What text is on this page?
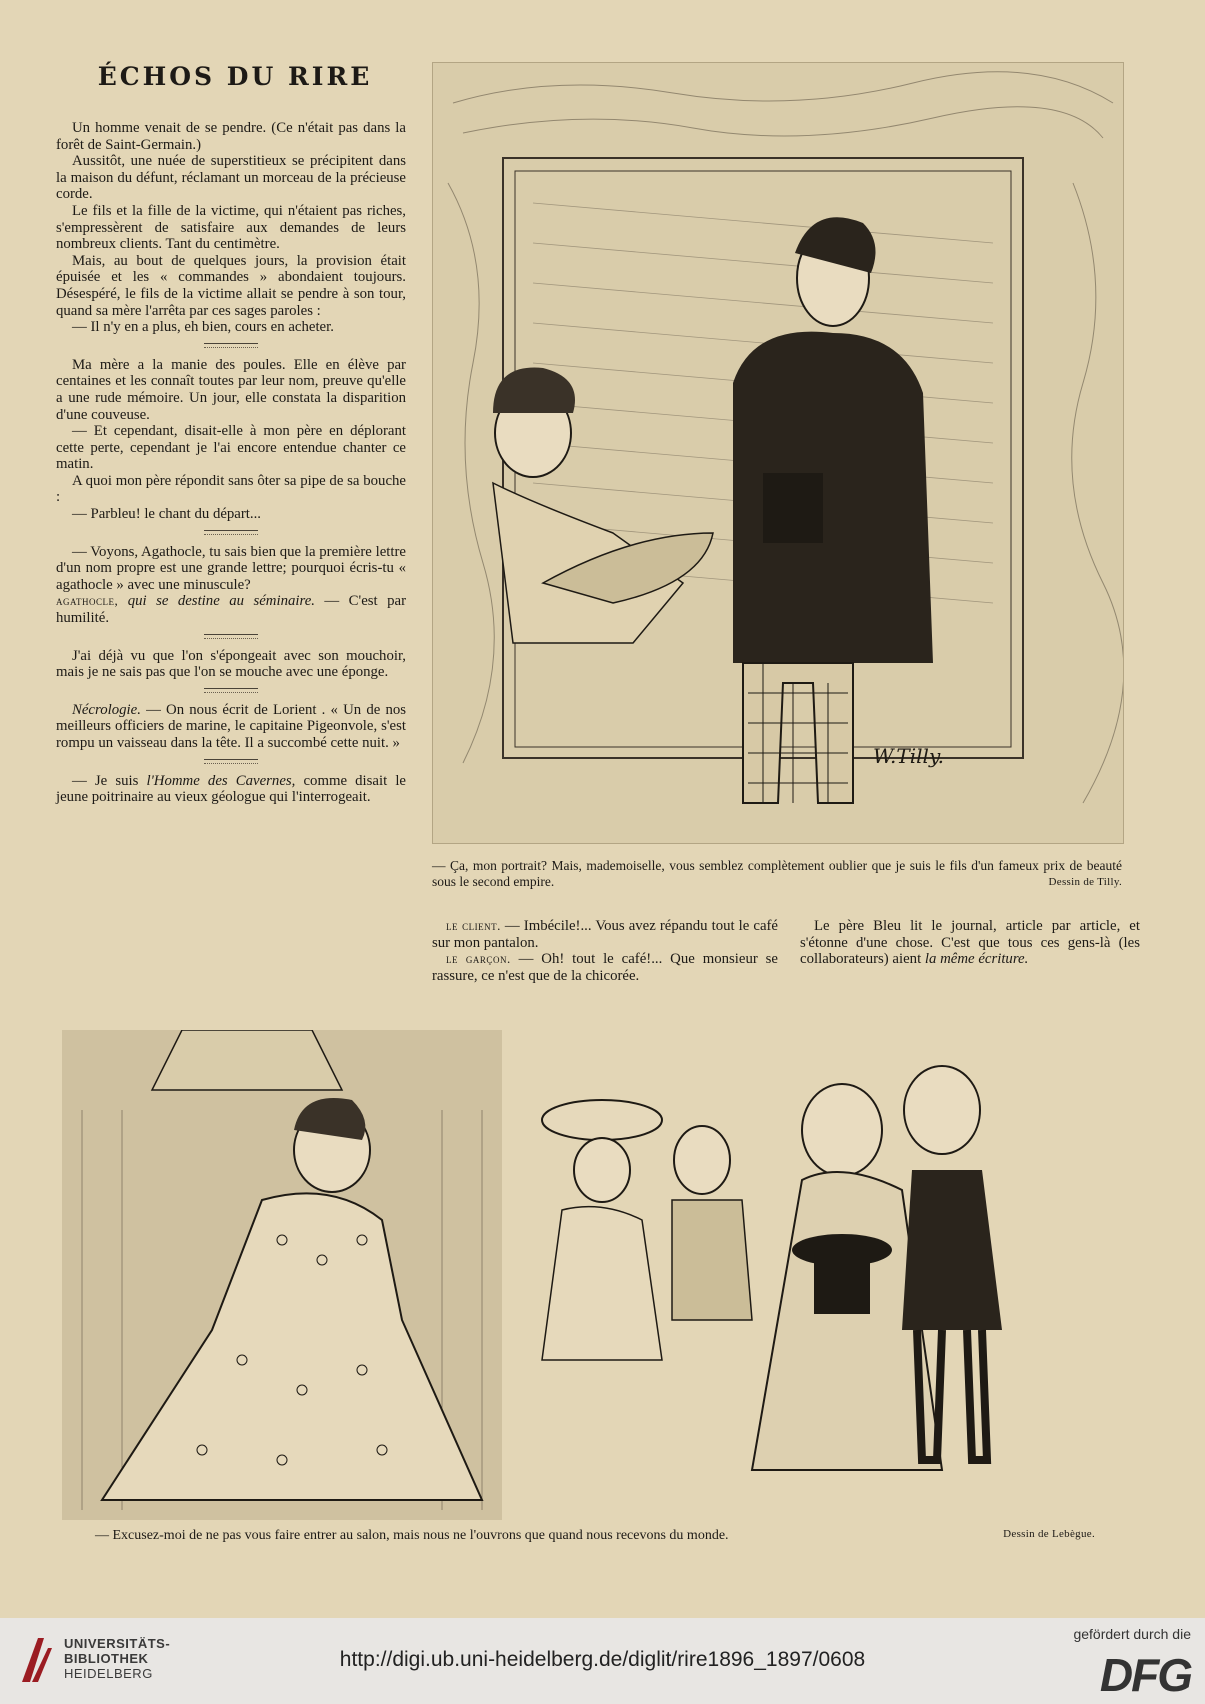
ÉCHOS DU RIRE

Un homme venait de se pendre. (Ce n'était pas dans la forêt de Saint-Germain.)

Aussitôt, une nuée de superstitieux se précipitent dans la maison du défunt, réclamant un morceau de la précieuse corde.

Le fils et la fille de la victime, qui n'étaient pas riches, s'empressèrent de satisfaire aux demandes de leurs nombreux clients. Tant du centimètre.

Mais, au bout de quelques jours, la provision était épuisée et les « commandes » abondaient toujours. Désespéré, le fils de la victime allait se pendre à son tour, quand sa mère l'arrêta par ces sages paroles :

— Il n'y en a plus, eh bien, cours en acheter.

Ma mère a la manie des poules. Elle en élève par centaines et les connaît toutes par leur nom, preuve qu'elle a une rude mémoire. Un jour, elle constata la disparition d'une couveuse.

— Et cependant, disait-elle à mon père en déplorant cette perte, cependant je l'ai encore entendue chanter ce matin.

A quoi mon père répondit sans ôter sa pipe de sa bouche :

— Parbleu! le chant du départ...

— Voyons, Agathocle, tu sais bien que la première lettre d'un nom propre est une grande lettre; pourquoi écris-tu « agathocle » avec une minuscule?

agathocle, qui se destine au séminaire. — C'est par humilité.

J'ai déjà vu que l'on s'épongeait avec son mouchoir, mais je ne sais pas que l'on se mouche avec une éponge.

Nécrologie. — On nous écrit de Lorient . « Un de nos meilleurs officiers de marine, le capitaine Pigeonvole, s'est rompu un vaisseau dans la tête. Il a succombé cette nuit. »

— Je suis l'Homme des Cavernes, comme disait le jeune poitrinaire au vieux géologue qui l'interrogeait.

W.Tilly.
— Ça, mon portrait? Mais, mademoiselle, vous semblez complètement oublier que je suis le fils d'un fameux prix de beauté sous le second empire.	Dessin de Tilly.

le client. — Imbécile!... Vous avez répandu tout le café sur mon pantalon.

le garçon. — Oh! tout le café!... Que monsieur se rassure, ce n'est que de la chicorée.

Le père Bleu lit le journal, article par article, et s'étonne d'une chose. C'est que tous ces gens-là (les collaborateurs) aient la même écriture.

— Excusez-moi de ne pas vous faire entrer au salon, mais nous ne l'ouvrons que quand nous recevons du monde.	Dessin de Lebègue.
UNIVERSITÄTS-
BIBLIOTHEK
HEIDELBERG
http://digi.ub.uni-heidelberg.de/diglit/rire1896_1897/0608
gefördert durch die
DFG
